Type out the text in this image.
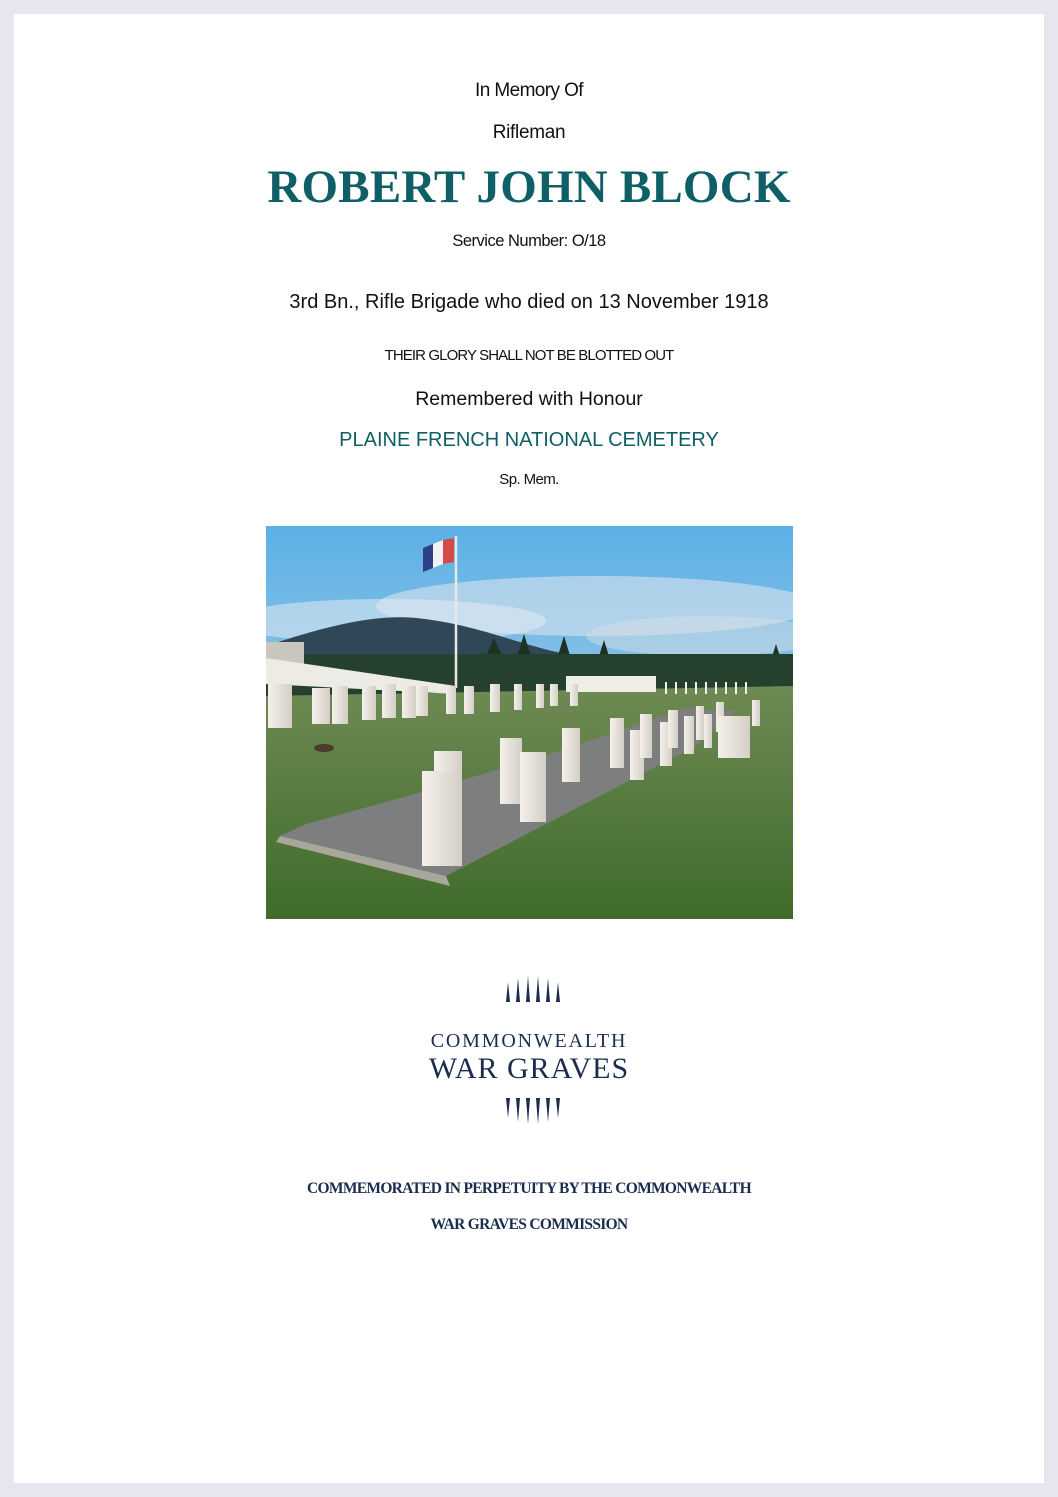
In Memory Of
Rifleman
ROBERT JOHN BLOCK
Service Number: O/18
3rd Bn., Rifle Brigade who died on 13 November 1918
THEIR GLORY SHALL NOT BE BLOTTED OUT
Remembered with Honour
PLAINE FRENCH NATIONAL CEMETERY
Sp. Mem.
COMMONWEALTH
WAR GRAVES
COMMEMORATED IN PERPETUITY BY THE COMMONWEALTH
WAR GRAVES COMMISSION
